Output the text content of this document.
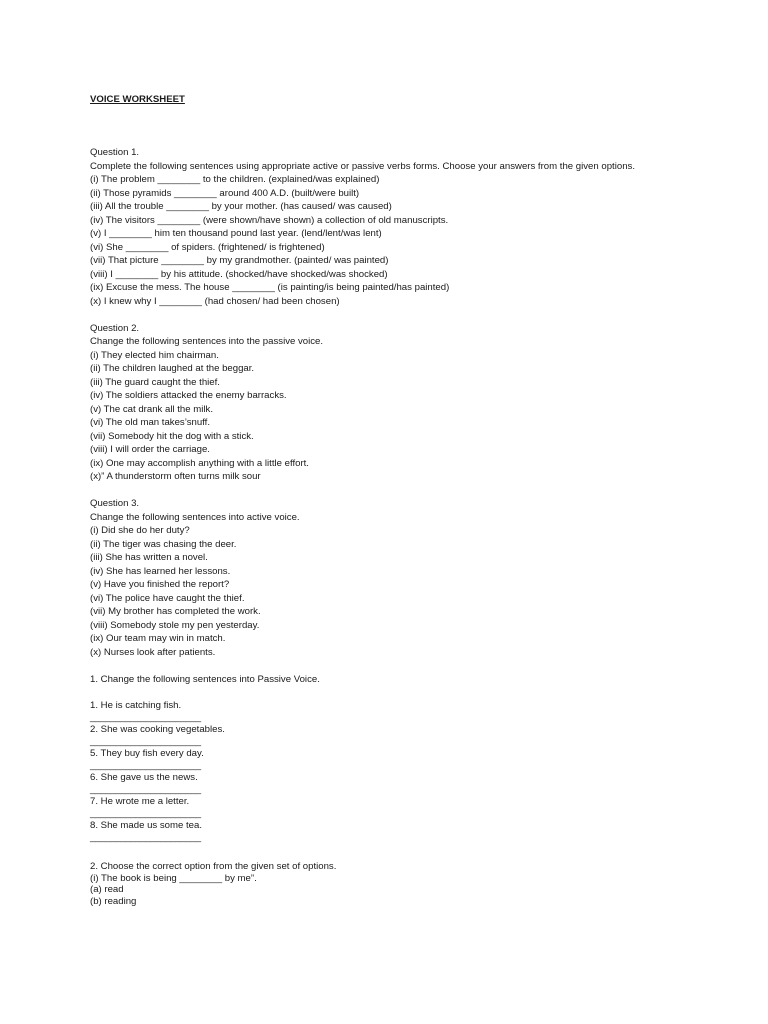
VOICE WORKSHEET

Question 1.

Complete the following sentences using appropriate active or passive verbs forms. Choose your answers from the given options.

(i) The problem ________ to the children. (explained/was explained)

(ii) Those pyramids ________ around 400 A.D. (built/were built)

(iii) All the trouble ________ by your mother. (has caused/ was caused)

(iv) The visitors ________ (were shown/have shown) a collection of old manuscripts.

(v) I ________ him ten thousand pound last year. (lend/lent/was lent)

(vi) She ________ of spiders. (frightened/ is frightened)

(vii) That picture ________ by my grandmother. (painted/ was painted)

(viii) I ________ by his attitude. (shocked/have shocked/was shocked)

(ix) Excuse the mess. The house ________ (is painting/is being painted/has painted)

(x) I knew why I ________ (had chosen/ had been chosen)

Question 2.

Change the following sentences into the passive voice.

(i) They elected him chairman.

(ii) The children laughed at the beggar.

(iii) The guard caught the thief.

(iv) The soldiers attacked the enemy barracks.

(v) The cat drank all the milk.

(vi) The old man takes’snuff.

(vii) Somebody hit the dog with a stick.

(viii) I will order the carriage.

(ix) One may accomplish anything with a little effort.

(x)” A thunderstorm often turns milk sour

Question 3.

Change the following sentences into active voice.

(i) Did she do her duty?

(ii) The tiger was chasing the deer.

(iii) She has written a novel.

(iv) She has learned her lessons.

(v) Have you finished the report?

(vi) The police have caught the thief.

(vii) My brother has completed the work.

(viii) Somebody stole my pen yesterday.

(ix) Our team may win in match.

(x) Nurses look after patients.

1. Change the following sentences into Passive Voice.

1. He is catching fish.

______________________

2. She was cooking vegetables.

______________________

5. They buy fish every day.

______________________

6. She gave us the news.

______________________

7. He wrote me a letter.

______________________

8. She made us some tea.

______________________

2. Choose the correct option from the given set of options.

(i) The book is being ________ by me”.

(a) read

(b) reading
